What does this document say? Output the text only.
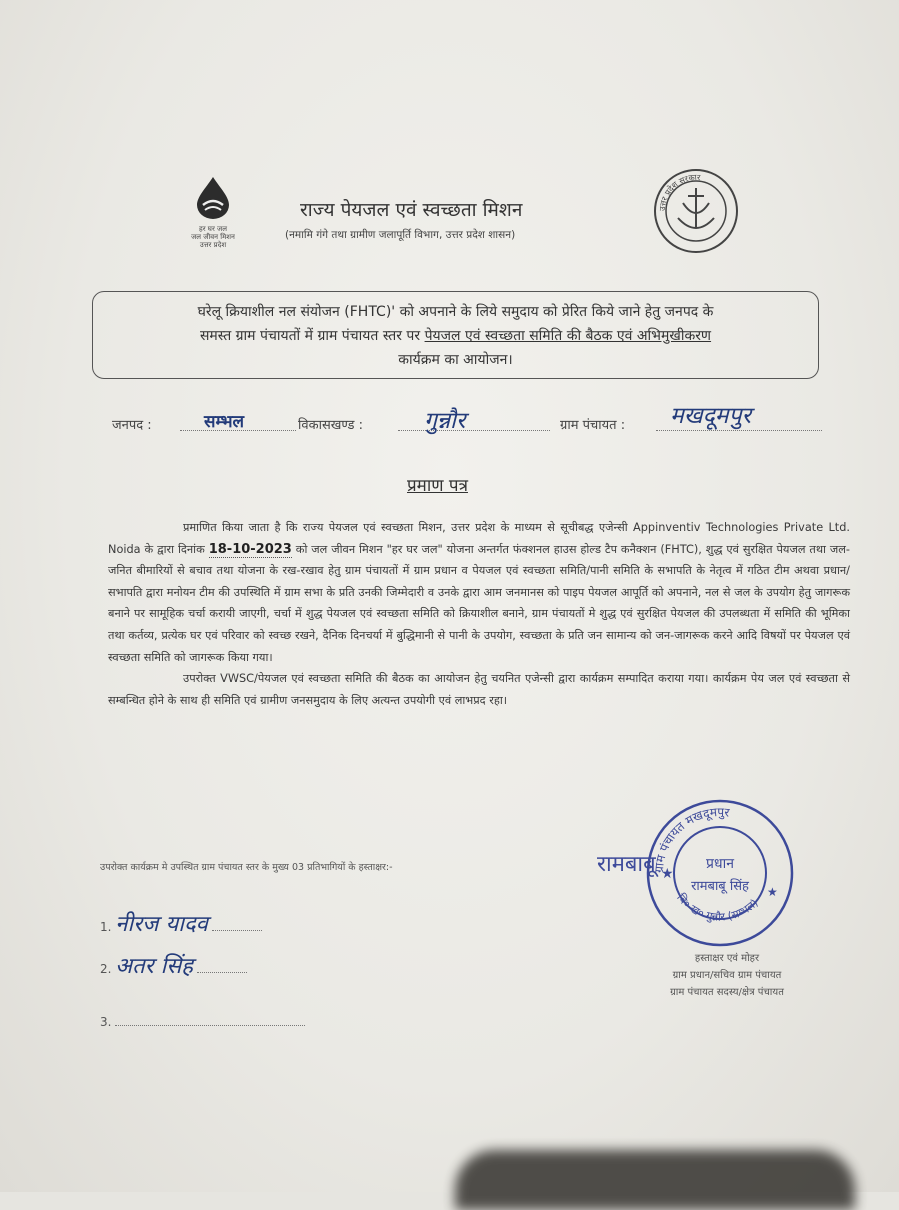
हर घर जल
जल जीवन मिशन
उत्तर प्रदेश
राज्य पेयजल एवं स्वच्छता मिशन
(नमामि गंगे तथा ग्रामीण जलापूर्ति विभाग, उत्तर प्रदेश शासन)
उत्तर प्रदेश सरकार
घरेलू क्रियाशील नल संयोजन (FHTC)' को अपनाने के लिये समुदाय को प्रेरित किये जाने हेतु जनपद के
समस्त ग्राम पंचायतों में ग्राम पंचायत स्तर पर पेयजल एवं स्वच्छता समिति की बैठक एवं अभिमुखीकरण
कार्यक्रम का आयोजन।
जनपद :	सम्भल	विकासखण्ड :	गुन्नौर	ग्राम पंचायत : मखदूमपुर
प्रमाण पत्र

प्रमाणित किया जाता है कि राज्य पेयजल एवं स्वच्छता मिशन, उत्तर प्रदेश के माध्यम से सूचीबद्ध एजेन्सी Appinventiv Technologies Private Ltd. Noida के द्वारा दिनांक 18-10-2023 को जल जीवन मिशन "हर घर जल" योजना अन्तर्गत फंक्शनल हाउस होल्ड टैप कनैक्शन (FHTC), शुद्ध एवं सुरक्षित पेयजल तथा जल-जनित बीमारियों से बचाव तथा योजना के रख-रखाव हेतु ग्राम पंचायतों में ग्राम प्रधान व पेयजल एवं स्वच्छता समिति/पानी समिति के सभापति के नेतृत्व में गठित टीम अथवा प्रधान/सभापति द्वारा मनोयन टीम की उपस्थिति में ग्राम सभा के प्रति उनकी जिम्मेदारी व उनके द्वारा आम जनमानस को पाइप पेयजल आपूर्ति को अपनाने, नल से जल के उपयोग हेतु जागरूक बनाने पर सामूहिक चर्चा करायी जाएगी, चर्चा में शुद्ध पेयजल एवं स्वच्छता समिति को क्रियाशील बनाने, ग्राम पंचायतों मे शुद्ध एवं सुरक्षित पेयजल की उपलब्धता में समिति की भूमिका तथा कर्तव्य, प्रत्येक घर एवं परिवार को स्वच्छ रखने, दैनिक दिनचर्या में बुद्धिमानी से पानी के उपयोग, स्वच्छता के प्रति जन सामान्य को जन-जागरूक करने आदि विषयों पर पेयजल एवं स्वच्छता समिति को जागरूक किया गया।

उपरोक्त VWSC/पेयजल एवं स्वच्छता समिति की बैठक का आयोजन हेतु चयनित एजेन्सी द्वारा कार्यक्रम सम्पादित कराया गया। कार्यक्रम पेय जल एवं स्वच्छता से सम्बन्धित होने के साथ ही समिति एवं ग्रामीण जनसमुदाय के लिए अत्यन्त उपयोगी एवं लाभप्रद रहा।

उपरोक्त कार्यक्रम मे उपस्थित ग्राम पंचायत स्तर के मुख्य 03 प्रतिभागियों के हस्ताक्षर:-
1. नीरज यादव
2. अतर सिंह
3.
ग्राम पंचायत मखदूमपुर
वि० ख० गुन्नौर (सम्भल)
प्रधान
रामबाबू सिंह
★
★
रामबाबू
हस्ताक्षर एवं मोहर
ग्राम प्रधान/सचिव ग्राम पंचायत
ग्राम पंचायत सदस्य/क्षेत्र पंचायत
